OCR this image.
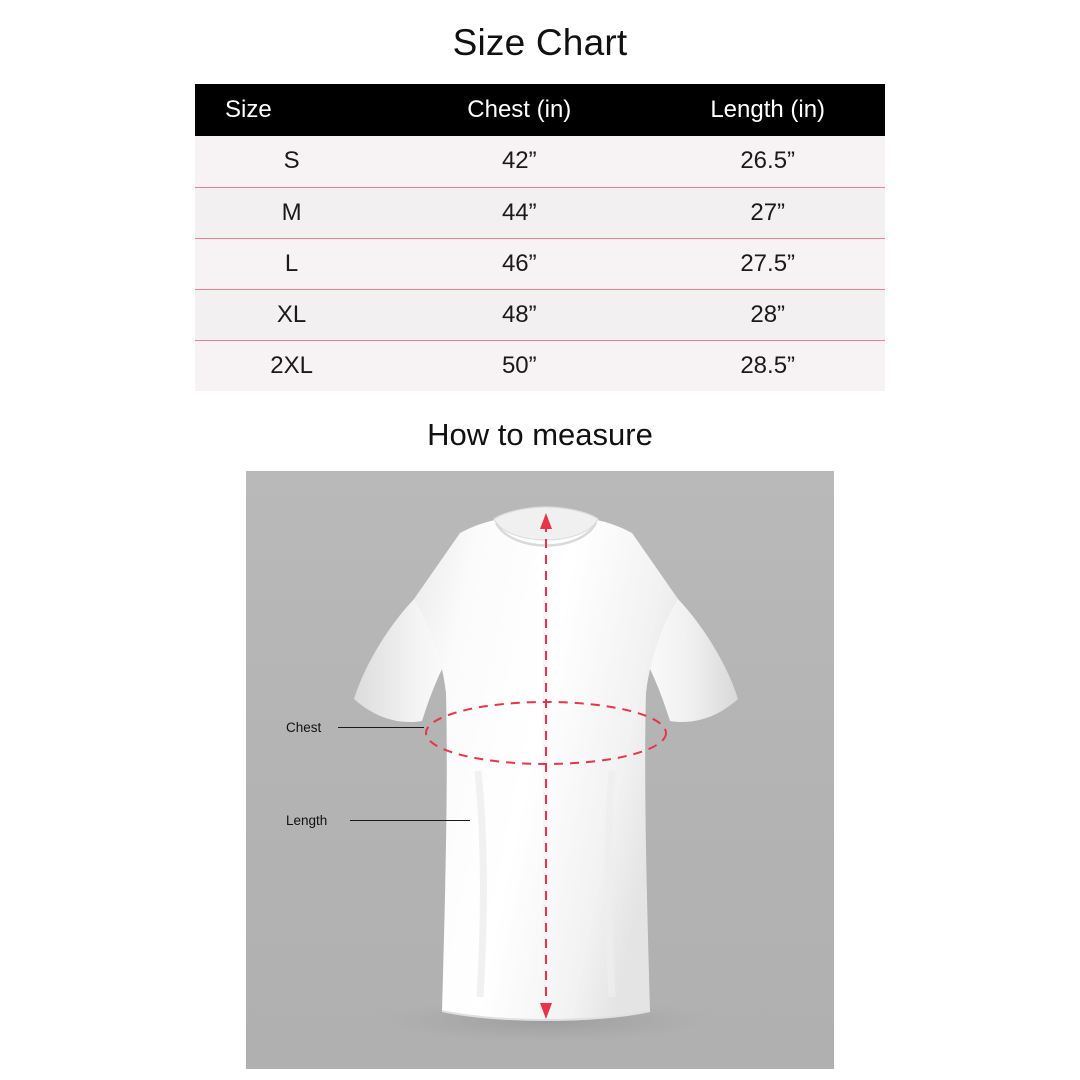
Size Chart
Size	Chest (in)	Length (in)
S	42”	26.5”
M	44”	27”
L	46”	27.5”
XL	48”	28”
2XL	50”	28.5”
How to measure
Chest
Length
